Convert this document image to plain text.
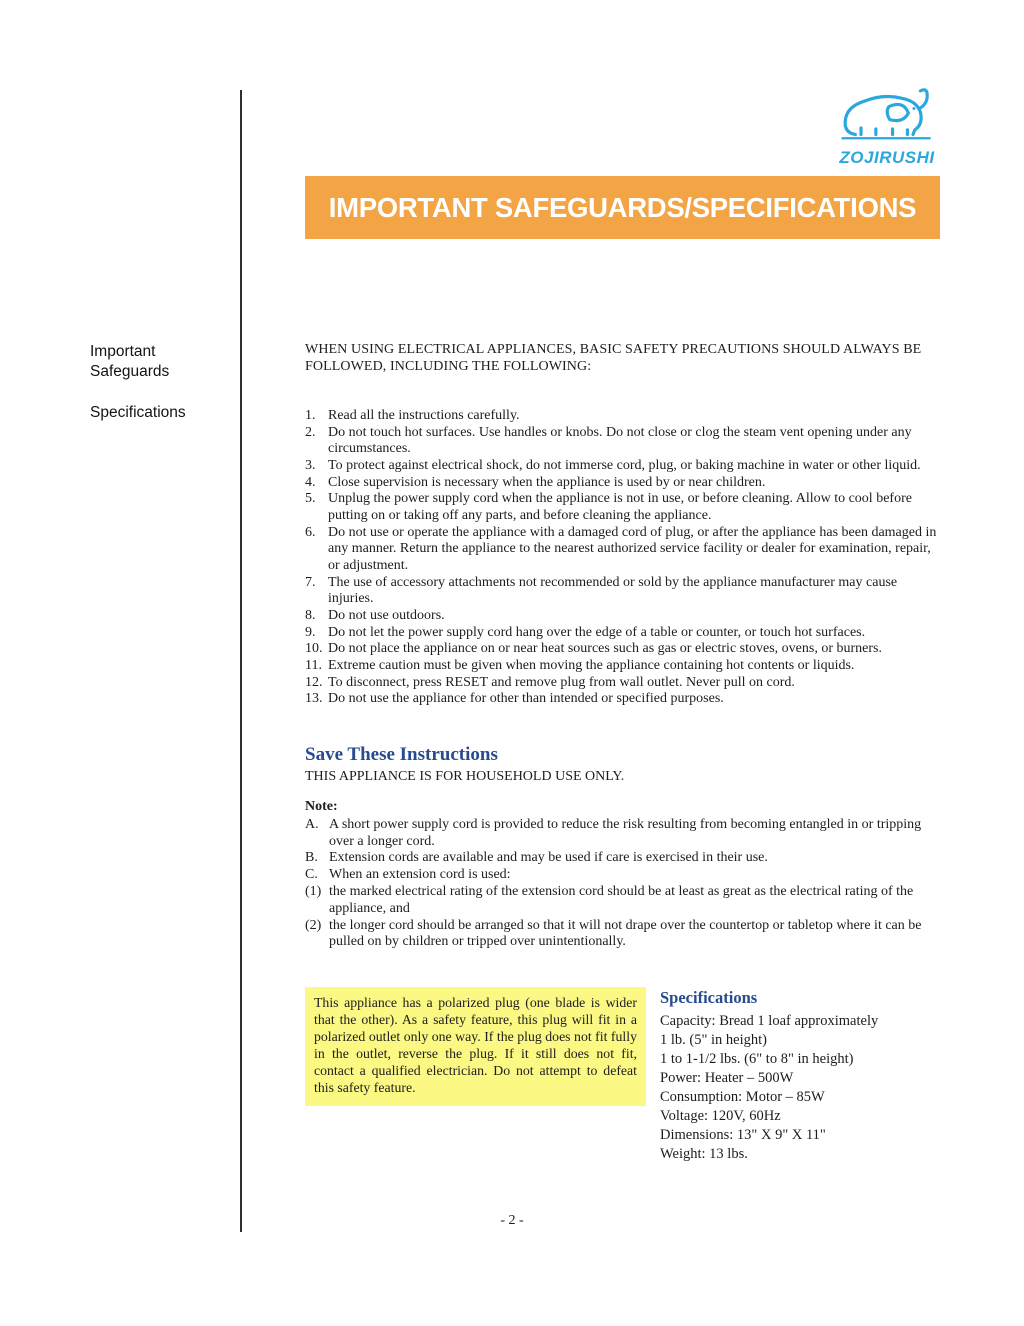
Important Safeguards
Specifications
ZOJIRUSHI
IMPORTANT SAFEGUARDS/SPECIFICATIONS
WHEN USING ELECTRICAL APPLIANCES, BASIC SAFETY PRECAUTIONS SHOULD ALWAYS BE FOLLOWED, INCLUDING THE FOLLOWING:
1. Read all the instructions carefully.
2. Do not touch hot surfaces. Use handles or knobs. Do not close or clog the steam vent opening under any circumstances.
3. To protect against electrical shock, do not immerse cord, plug, or baking machine in water or other liquid.
4. Close supervision is necessary when the appliance is used by or near children.
5. Unplug the power supply cord when the appliance is not in use, or before cleaning. Allow to cool before putting on or taking off any parts, and before cleaning the appliance.
6. Do not use or operate the appliance with a damaged cord of plug, or after the appliance has been damaged in any manner. Return the appliance to the nearest authorized service facility or dealer for examination, repair, or adjustment.
7. The use of accessory attachments not recommended or sold by the appliance manufacturer may cause injuries.
8. Do not use outdoors.
9. Do not let the power supply cord hang over the edge of a table or counter, or touch hot surfaces.
10. Do not place the appliance on or near heat sources such as gas or electric stoves, ovens, or burners.
11. Extreme caution must be given when moving the appliance containing hot contents or liquids.
12. To disconnect, press RESET and remove plug from wall outlet. Never pull on cord.
13. Do not use the appliance for other than intended or specified purposes.
Save These Instructions
THIS APPLIANCE IS FOR HOUSEHOLD USE ONLY.
Note:
A. A short power supply cord is provided to reduce the risk resulting from becoming entangled in or tripping over a longer cord.
B. Extension cords are available and may be used if care is exercised in their use.
C. When an extension cord is used:
(1) the marked electrical rating of the extension cord should be at least as great as the electrical rating of the appliance, and
(2) the longer cord should be arranged so that it will not drape over the countertop or tabletop where it can be pulled on by children or tripped over unintentionally.
This appliance has a polarized plug (one blade is wider that the other). As a safety feature, this plug will fit in a polarized outlet only one way. If the plug does not fit fully in the outlet, reverse the plug. If it still does not fit, contact a qualified electrician. Do not attempt to defeat this safety feature.
Specifications
Capacity: Bread 1 loaf approximately
1 lb. (5" in height)
1 to 1-1/2 lbs. (6" to 8" in height)
Power: Heater – 500W
Consumption: Motor – 85W
Voltage: 120V, 60Hz
Dimensions: 13" X 9" X 11"
Weight: 13 lbs.
- 2 -
